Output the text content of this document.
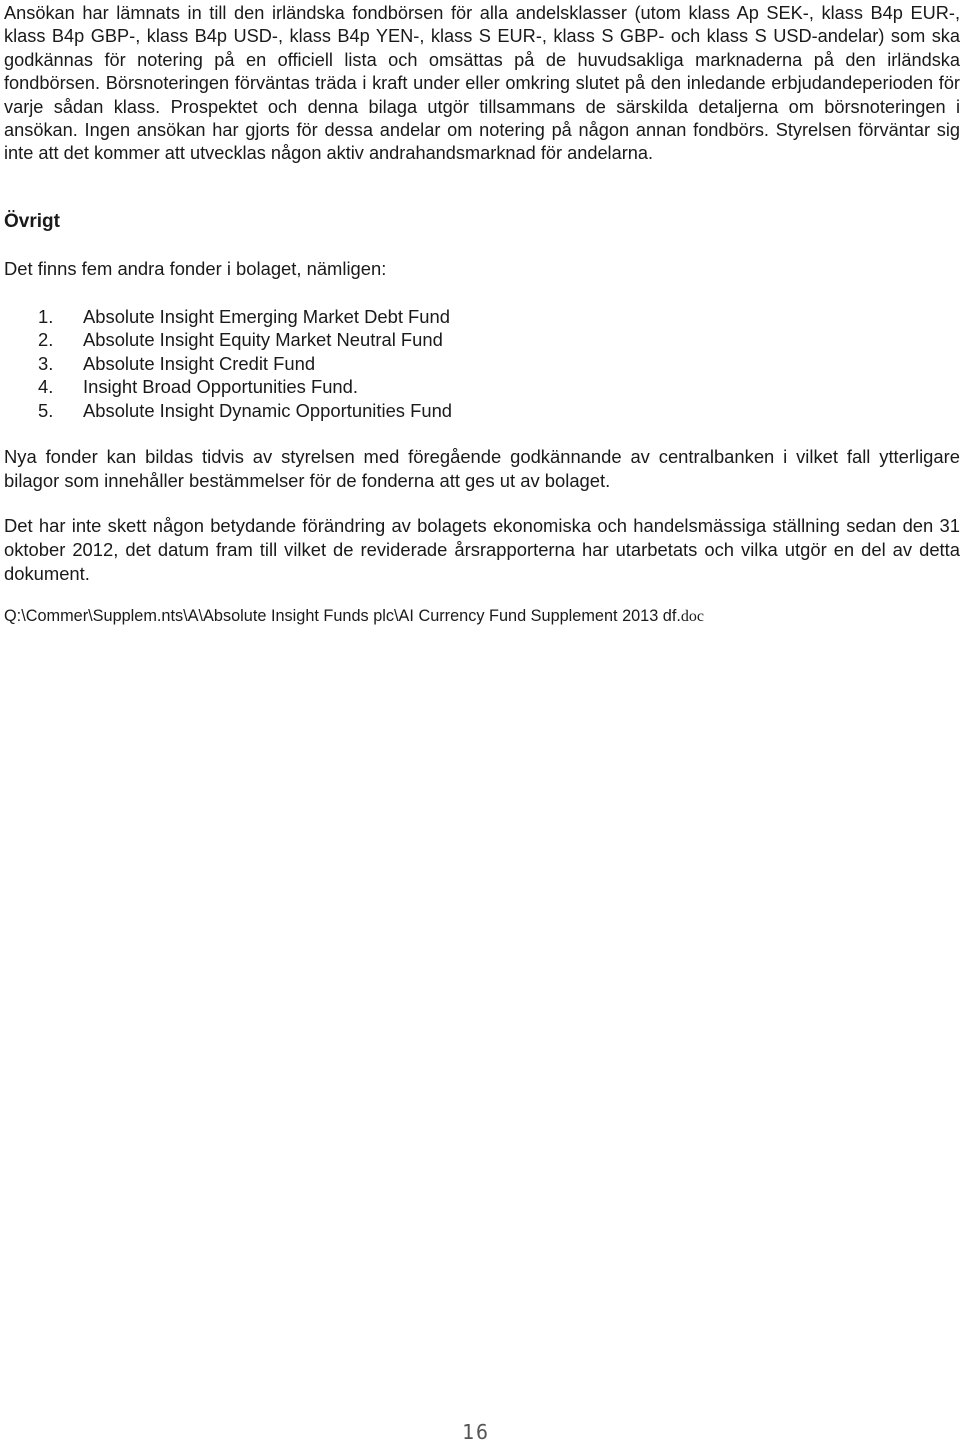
Ansökan har lämnats in till den irländska fondbörsen för alla andelsklasser (utom klass Ap SEK-, klass B4p EUR-, klass B4p GBP-, klass B4p USD-, klass B4p YEN-, klass S EUR-, klass S GBP- och klass S USD-andelar) som ska godkännas för notering på en officiell lista och omsättas på de huvudsakliga marknaderna på den irländska fondbörsen. Börsnoteringen förväntas träda i kraft under eller omkring slutet på den inledande erbjudandeperioden för varje sådan klass. Prospektet och denna bilaga utgör tillsammans de särskilda detaljerna om börsnoteringen i ansökan. Ingen ansökan har gjorts för dessa andelar om notering på någon annan fondbörs. Styrelsen förväntar sig inte att det kommer att utvecklas någon aktiv andrahandsmarknad för andelarna.

Övrigt

Det finns fem andra fonder i bolaget, nämligen:

1. Absolute Insight Emerging Market Debt Fund
2. Absolute Insight Equity Market Neutral Fund
3. Absolute Insight Credit Fund
4. Insight Broad Opportunities Fund.
5. Absolute Insight Dynamic Opportunities Fund

Nya fonder kan bildas tidvis av styrelsen med föregående godkännande av centralbanken i vilket fall ytterligare bilagor som innehåller bestämmelser för de fonderna att ges ut av bolaget.

Det har inte skett någon betydande förändring av bolagets ekonomiska och handelsmässiga ställning sedan den 31 oktober 2012, det datum fram till vilket de reviderade årsrapporterna har utarbetats och vilka utgör en del av detta dokument.

Q:\Commer\Supplem.nts\A\Absolute Insight Funds plc\AI Currency Fund Supplement 2013 df.doc

16
